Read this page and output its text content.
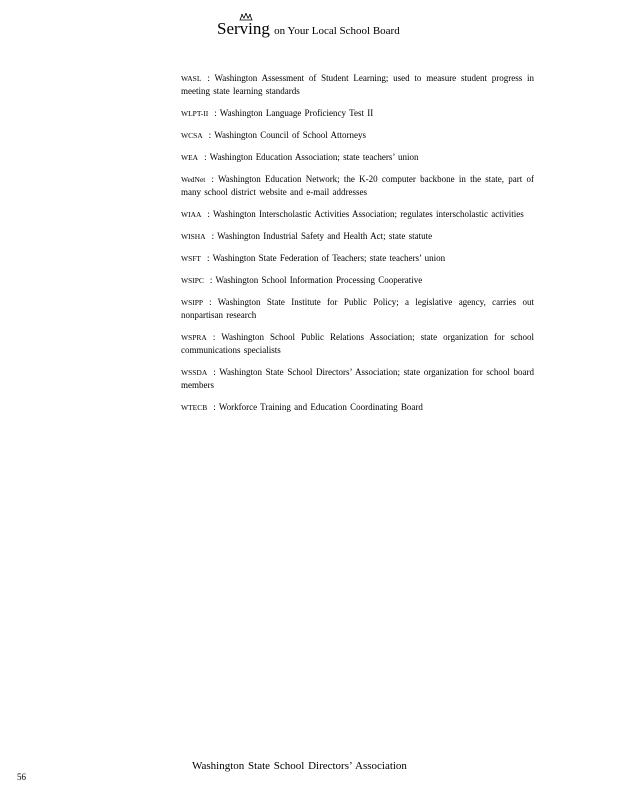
Serving on Your Local School Board

WASL : Washington Assessment of Student Learning; used to measure student progress in meeting state learning standards

WLPT-II : Washington Language Proficiency Test II

WCSA : Washington Council of School Attorneys

WEA : Washington Education Association; state teachers’ union

WedNet : Washington Education Network; the K-20 computer backbone in the state, part of many school district website and e-mail addresses

WIAA : Washington Interscholastic Activities Association; regulates interscholastic activities

WISHA : Washington Industrial Safety and Health Act; state statute

WSFT : Washington State Federation of Teachers; state teachers’ union

WSIPC : Washington School Information Processing Cooperative

WSIPP : Washington State Institute for Public Policy; a legislative agency, carries out nonpartisan research

WSPRA : Washington School Public Relations Association; state organization for school communications specialists

WSSDA : Washington State School Directors’ Association; state organization for school board members

WTECB : Workforce Training and Education Coordinating Board

Washington State School Directors’ Association
56
